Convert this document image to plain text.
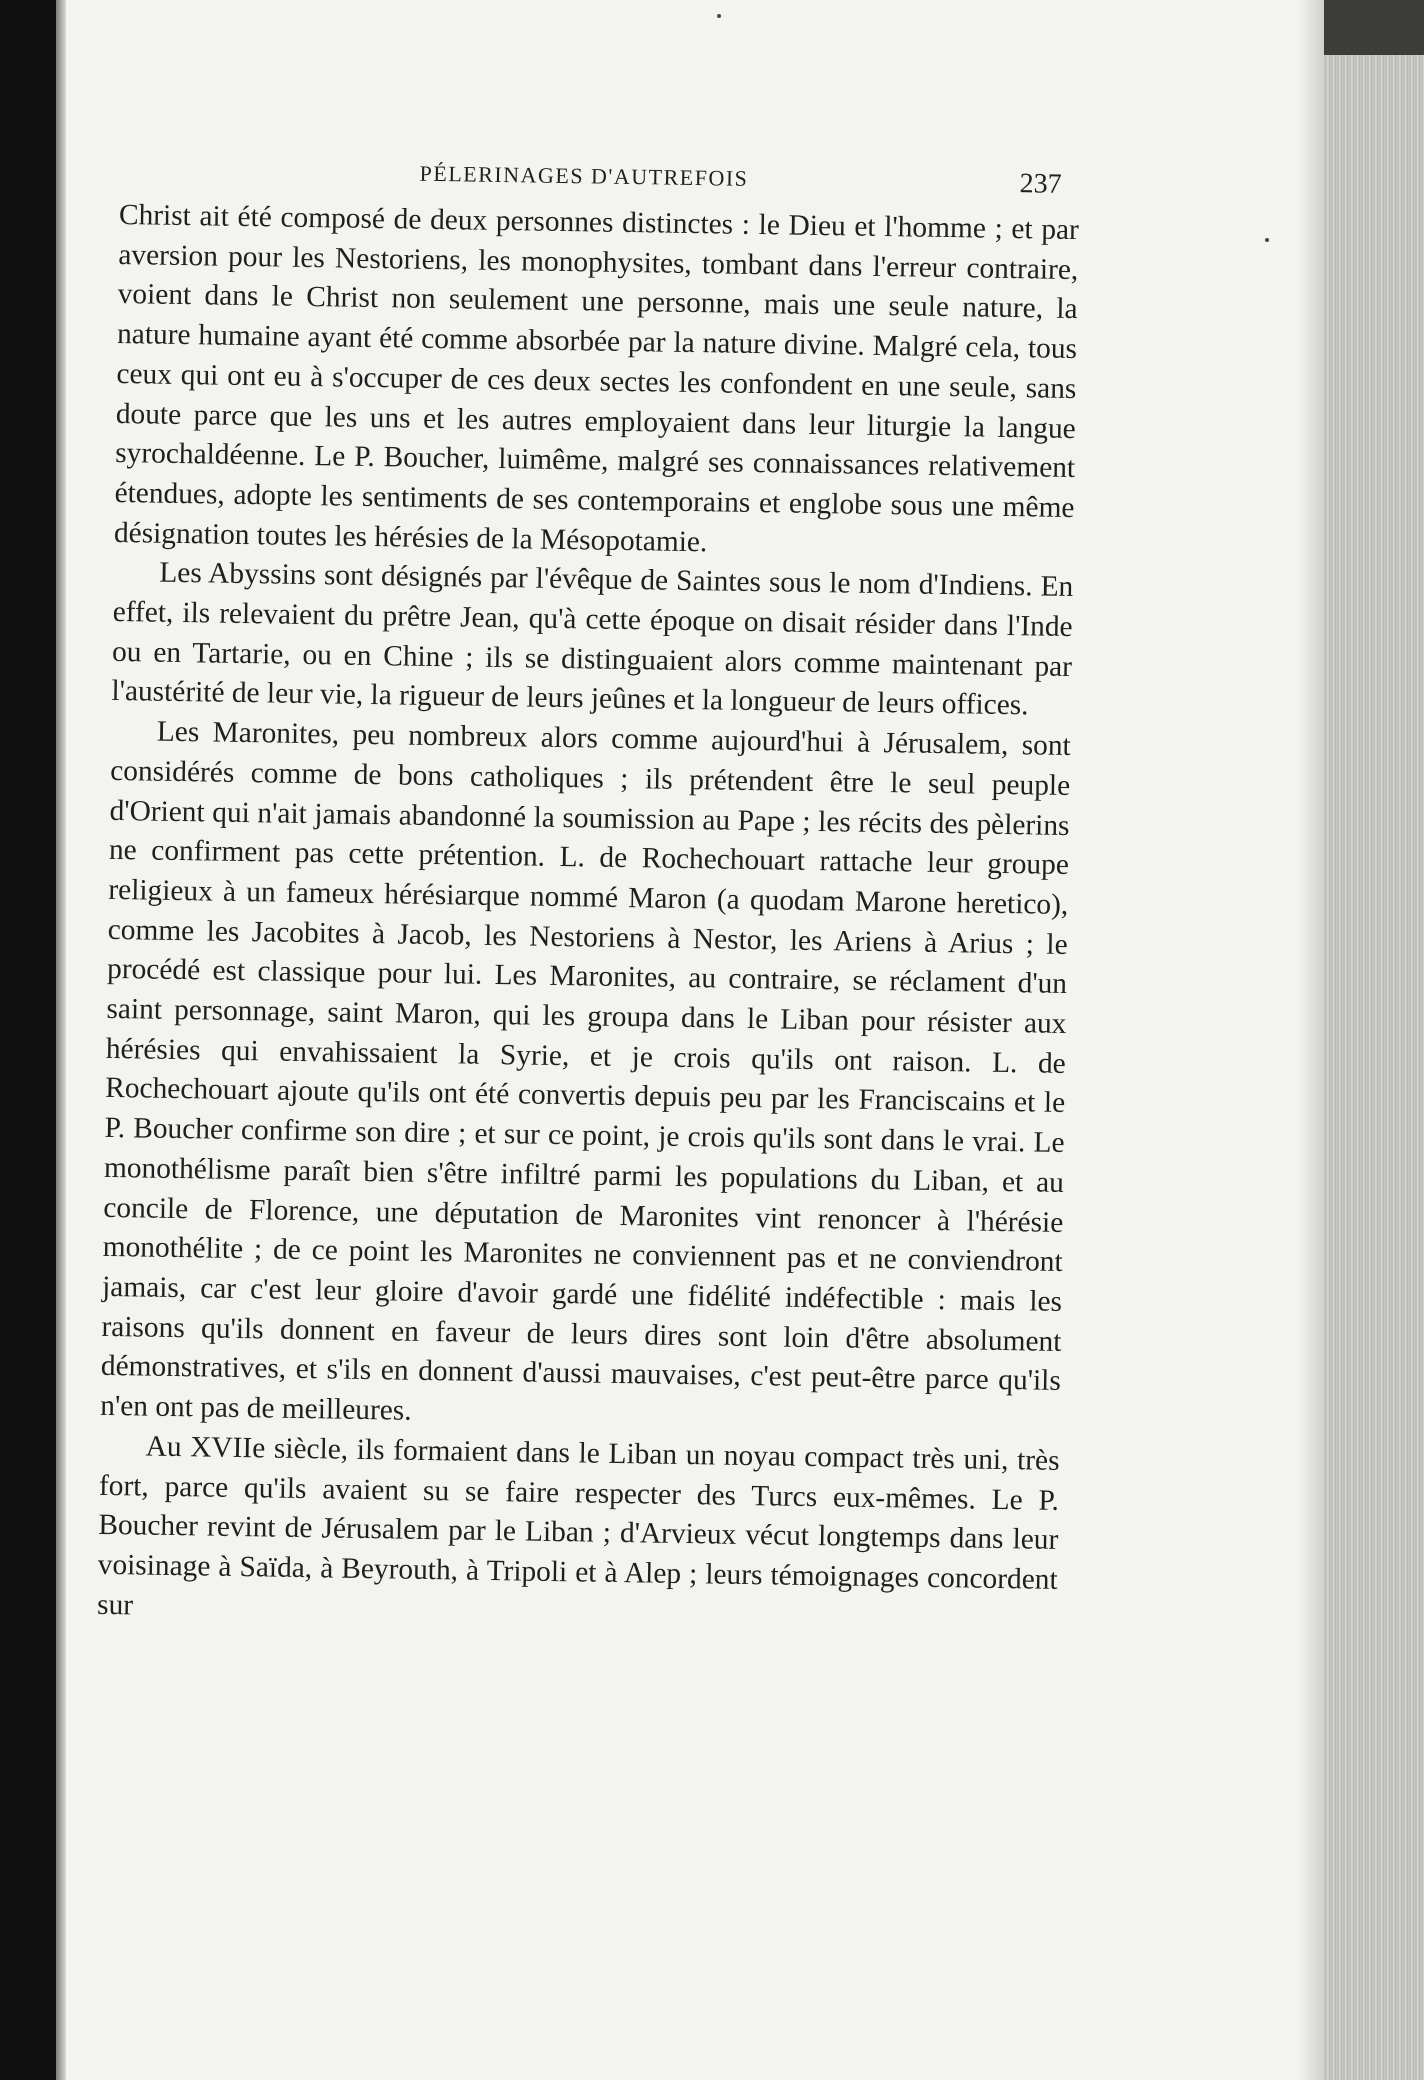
PÉLERINAGES D'AUTREFOIS	237

Christ ait été composé de deux personnes distinctes : le Dieu et l'homme ; et par aversion pour les Nestoriens, les monophysites, tombant dans l'erreur contraire, voient dans le Christ non seulement une personne, mais une seule nature, la nature humaine ayant été comme absorbée par la nature divine. Malgré cela, tous ceux qui ont eu à s'occuper de ces deux sectes les confondent en une seule, sans doute parce que les uns et les autres employaient dans leur liturgie la langue syrochaldéenne. Le P. Boucher, luimême, malgré ses connaissances relativement étendues, adopte les sentiments de ses contemporains et englobe sous une même désignation toutes les hérésies de la Mésopotamie.

Les Abyssins sont désignés par l'évêque de Saintes sous le nom d'Indiens. En effet, ils relevaient du prêtre Jean, qu'à cette époque on disait résider dans l'Inde ou en Tartarie, ou en Chine ; ils se distinguaient alors comme maintenant par l'austérité de leur vie, la rigueur de leurs jeûnes et la longueur de leurs offices.

Les Maronites, peu nombreux alors comme aujourd'hui à Jérusalem, sont considérés comme de bons catholiques ; ils prétendent être le seul peuple d'Orient qui n'ait jamais abandonné la soumission au Pape ; les récits des pèlerins ne confirment pas cette prétention. L. de Rochechouart rattache leur groupe religieux à un fameux hérésiarque nommé Maron (a quodam Marone heretico), comme les Jacobites à Jacob, les Nestoriens à Nestor, les Ariens à Arius ; le procédé est classique pour lui. Les Maronites, au contraire, se réclament d'un saint personnage, saint Maron, qui les groupa dans le Liban pour résister aux hérésies qui envahissaient la Syrie, et je crois qu'ils ont raison. L. de Rochechouart ajoute qu'ils ont été convertis depuis peu par les Franciscains et le P. Boucher confirme son dire ; et sur ce point, je crois qu'ils sont dans le vrai. Le monothélisme paraît bien s'être infiltré parmi les populations du Liban, et au concile de Florence, une députation de Maronites vint renoncer à l'hérésie monothélite ; de ce point les Maronites ne conviennent pas et ne conviendront jamais, car c'est leur gloire d'avoir gardé une fidélité indéfectible : mais les raisons qu'ils donnent en faveur de leurs dires sont loin d'être absolument démonstratives, et s'ils en donnent d'aussi mauvaises, c'est peut-être parce qu'ils n'en ont pas de meilleures.

Au XVIIe siècle, ils formaient dans le Liban un noyau compact très uni, très fort, parce qu'ils avaient su se faire respecter des Turcs eux-mêmes. Le P. Boucher revint de Jérusalem par le Liban ; d'Arvieux vécut longtemps dans leur voisinage à Saïda, à Beyrouth, à Tripoli et à Alep ; leurs témoignages concordent sur
